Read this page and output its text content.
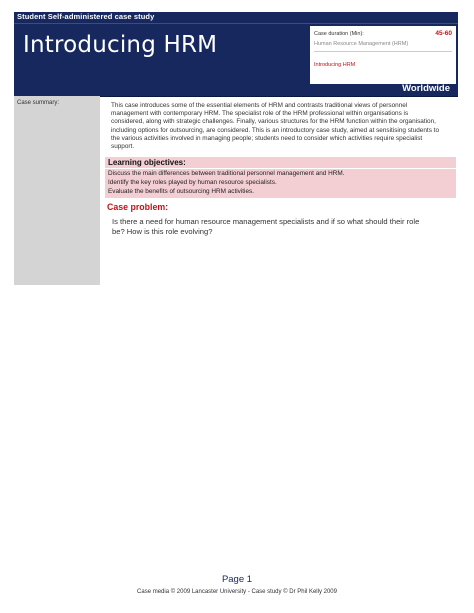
Student Self-administered case study
Introducing HRM	Case duration (Min):	45-60
Human Resource Management (HRM)
Introducing HRM
Worldwide
Case summary:	This case introduces some of the essential elements of HRM and contrasts traditional views of personnel
management with contemporary HRM. The specialist role of the HRM professional within organisations is
considered, along with strategic challenges. Finally, various structures for the HRM function within the organisation,
including options for outsourcing, are considered. This is an introductory case study, aimed at sensitising students to
the various activities involved in managing people; students need to consider which activities require specialist
support.
Learning objectives:
Discuss the main differences between traditional personnel management and HRM.
Identify the key roles played by human resource specialists.
Evaluate the benefits of outsourcing HRM activities.
Case problem:
Is there a need for human resource management specialists and if so what should their role
be? How is this role evolving?
Page 1
Case media © 2009 Lancaster University - Case study © Dr Phil Kelly 2009
